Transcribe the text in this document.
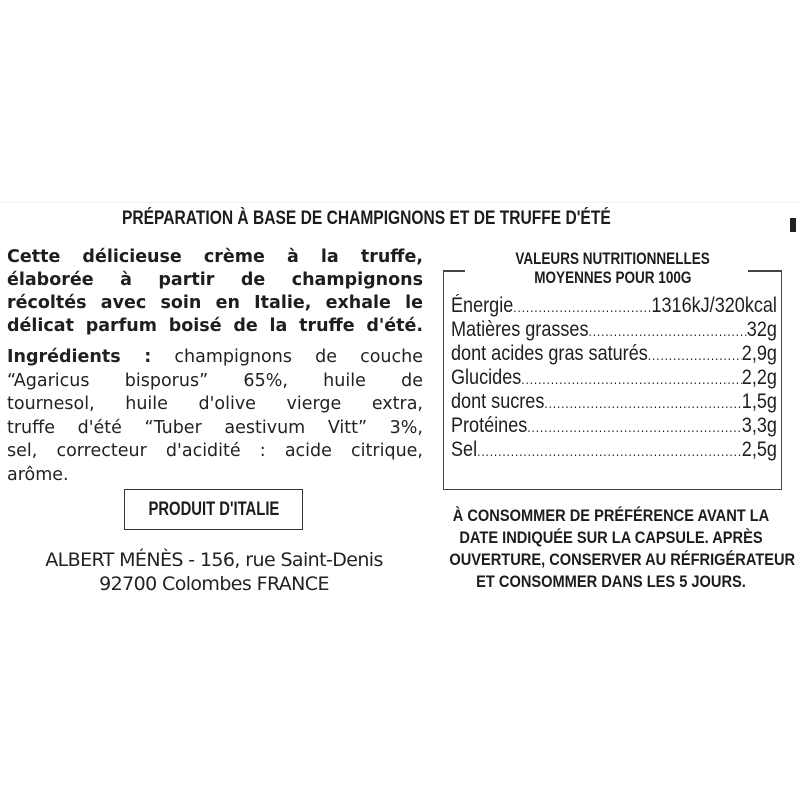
PRÉPARATION À BASE DE CHAMPIGNONS ET DE TRUFFE D'ÉTÉ
Cette délicieuse crème à la truffe,
élaborée à partir de champignons
récoltés avec soin en Italie, exhale le
délicat parfum boisé de la truffe d'été.
Ingrédients : champignons de couche
“Agaricus bisporus” 65%, huile de
tournesol, huile d'olive vierge extra,
truffe d'été “Tuber aestivum Vitt” 3%,
sel, correcteur d'acidité : acide citrique,
arôme.
PRODUIT D'ITALIE
ALBERT MÉNÈS - 156, rue Saint-Denis
92700 Colombes FRANCE
VALEURS NUTRITIONNELLES
MOYENNES POUR 100G
Énergie .....	1316kJ/320kcal
Matières grasses .....	32g
dont acides gras saturés .....	2,9g
Glucides .....	2,2g
dont sucres .....	1,5g
Protéines .....	3,3g
Sel .....	2,5g
À CONSOMMER DE PRÉFÉRENCE AVANT LA
DATE INDIQUÉE SUR LA CAPSULE. APRÈS
OUVERTURE, CONSERVER AU RÉFRIGÉRATEUR
ET CONSOMMER DANS LES 5 JOURS.
